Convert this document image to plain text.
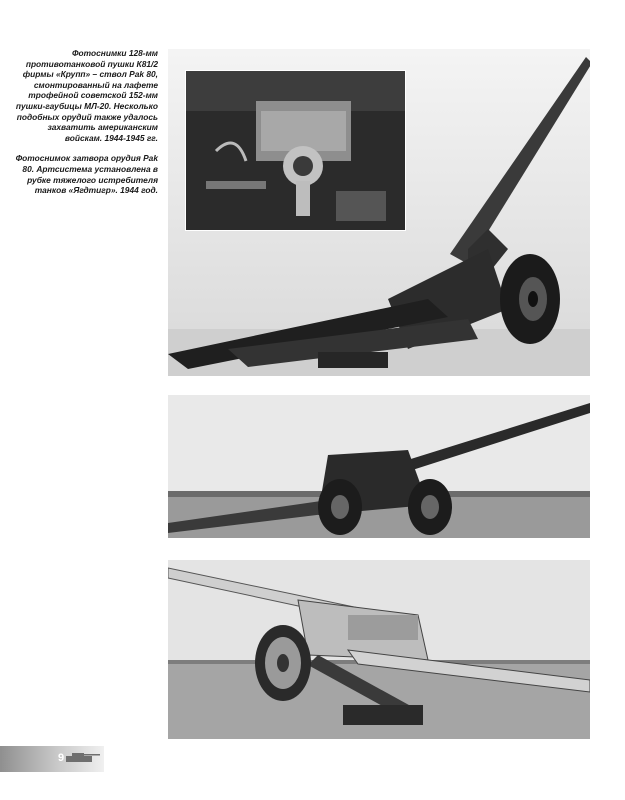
Фотоснимки 128-мм противотанковой пушки К81/2 фирмы «Крупп» – ствол Pak 80, смонтированный на лафете трофейной советской 152-мм пушки-гаубицы МЛ-20. Несколько подобных орудий также удалось захватить американским войскам. 1944-1945 гг.

Фотоснимок затвора орудия Pak 80. Артсистема установлена в рубке тяжелого истребителя танков «Ягдтигр». 1944 год.

9
